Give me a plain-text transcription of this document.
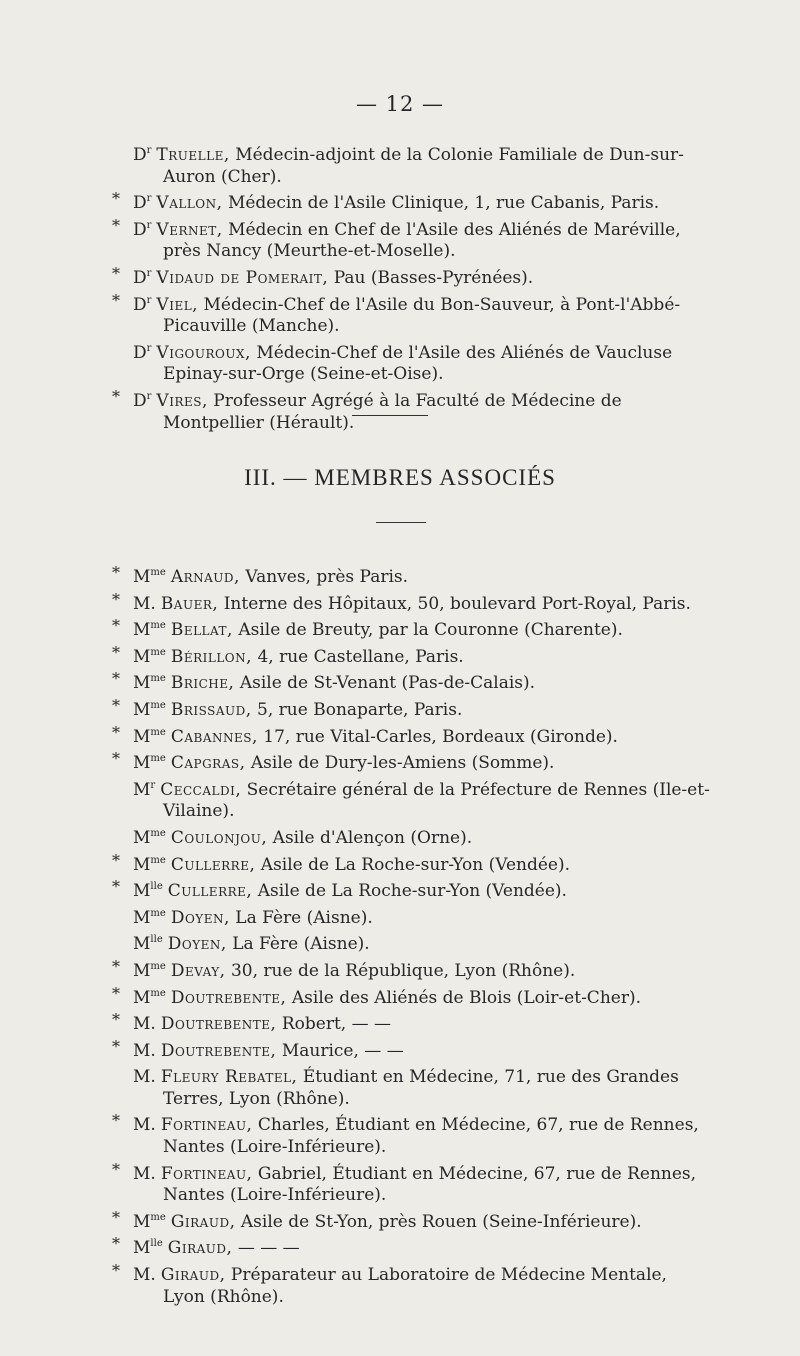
— 12 —
$D^r$ Truelle, Médecin-adjoint de la Colonie Familiale de Dun-sur-Auron (Cher).
* $D^r$ Vallon, Médecin de l'Asile Clinique, 1, rue Cabanis, Paris.
* $D^r$ Vernet, Médecin en Chef de l'Asile des Aliénés de Maréville, près Nancy (Meurthe-et-Moselle).
* $D^r$ Vidaud de Pomerait, Pau (Basses-Pyrénées).
* $D^r$ Viel, Médecin-Chef de l'Asile du Bon-Sauveur, à Pont-l'Abbé-Picauville (Manche).
$D^r$ Vigouroux, Médecin-Chef de l'Asile des Aliénés de Vaucluse Epinay-sur-Orge (Seine-et-Oise).
* $D^r$ Vires, Professeur Agrégé à la Faculté de Médecine de Montpellier (Hérault).
III. — MEMBRES ASSOCIÉS
* $M^{me}$ Arnaud, Vanves, près Paris.
* M. Bauer, Interne des Hôpitaux, 50, boulevard Port-Royal, Paris.
* $M^{me}$ Bellat, Asile de Breuty, par la Couronne (Charente).
* $M^{me}$ Bérillon, 4, rue Castellane, Paris.
* $M^{me}$ Briche, Asile de St-Venant (Pas-de-Calais).
* $M^{me}$ Brissaud, 5, rue Bonaparte, Paris.
* $M^{me}$ Cabannes, 17, rue Vital-Carles, Bordeaux (Gironde).
* $M^{me}$ Capgras, Asile de Dury-les-Amiens (Somme).
$M^r$ Ceccaldi, Secrétaire général de la Préfecture de Rennes (Ile-et-Vilaine).
$M^{me}$ Coulonjou, Asile d'Alençon (Orne).
* $M^{me}$ Cullerre, Asile de La Roche-sur-Yon (Vendée).
* $M^{lle}$ Cullerre, Asile de La Roche-sur-Yon (Vendée).
$M^{me}$ Doyen, La Fère (Aisne).
$M^{lle}$ Doyen, La Fère (Aisne).
* $M^{me}$ Devay, 30, rue de la République, Lyon (Rhône).
* $M^{me}$ Doutrebente, Asile des Aliénés de Blois (Loir-et-Cher).
* M. Doutrebente, Robert, — —
* M. Doutrebente, Maurice, — —
M. Fleury Rebatel, Étudiant en Médecine, 71, rue des Grandes Terres, Lyon (Rhône).
* M. Fortineau, Charles, Étudiant en Médecine, 67, rue de Rennes, Nantes (Loire-Inférieure).
* M. Fortineau, Gabriel, Étudiant en Médecine, 67, rue de Rennes, Nantes (Loire-Inférieure).
* $M^{me}$ Giraud, Asile de St-Yon, près Rouen (Seine-Inférieure).
* $M^{lle}$ Giraud, — — —
* M. Giraud, Préparateur au Laboratoire de Médecine Mentale, Lyon (Rhône).
